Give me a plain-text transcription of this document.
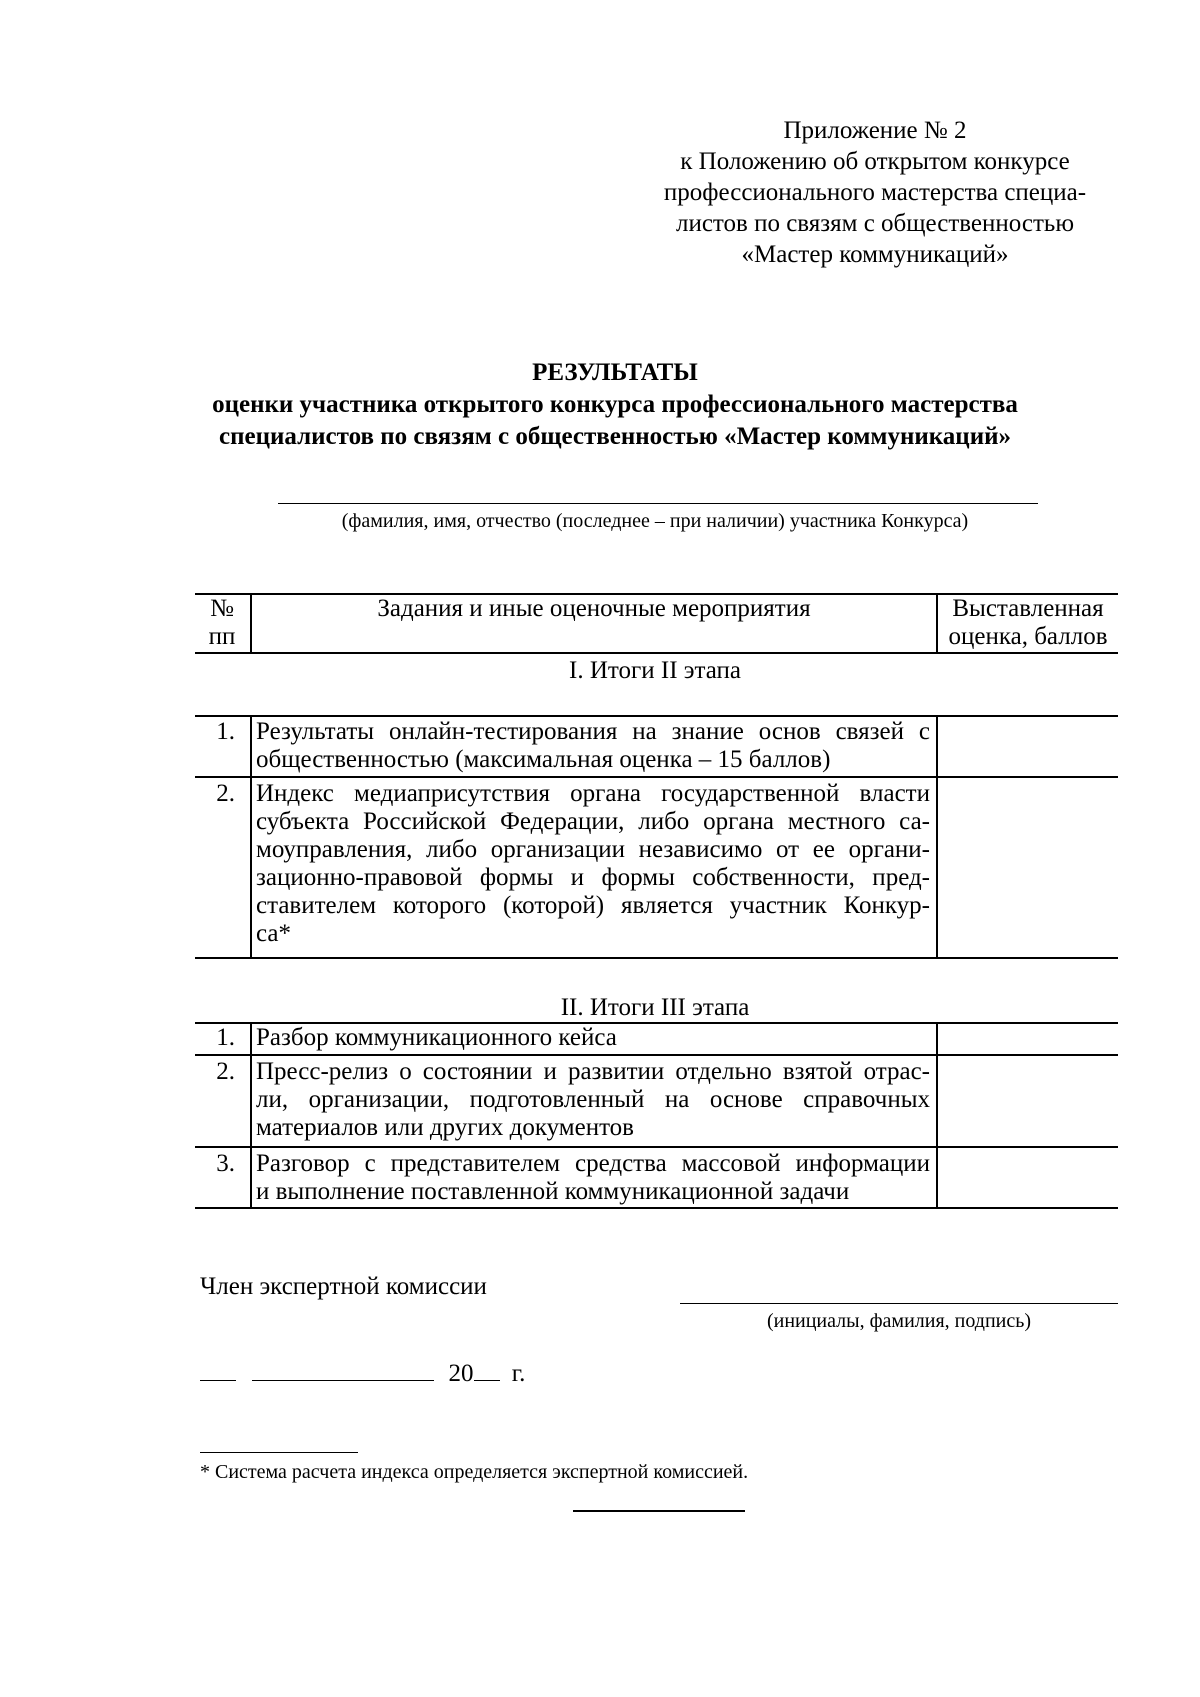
Приложение № 2
к Положению об открытом конкурсе
профессионального мастерства специа-
листов по связям с общественностью
«Мастер коммуникаций»
РЕЗУЛЬТАТЫ
оценки участника открытого конкурса профессионального мастерства
специалистов по связям с общественностью «Мастер коммуникаций»
(фамилия, имя, отчество (последнее – при наличии) участника Конкурса)
№
пп
Задания и иные оценочные мероприятия	Выставленная
оценка, баллов
I. Итоги II этапа
1. Результаты онлайн-тестирования на знание основ связей с
общественностью (максимальная оценка – 15 баллов)
2. Индекс медиаприсутствия органа государственной власти
субъекта Российской Федерации, либо органа местного са-
моуправления, либо организации независимо от ее органи-
зационно-правовой формы и формы собственности, пред-
ставителем которого (которой) является участник Конкур-
са*
II. Итоги III этапа
1. Разбор коммуникационного кейса
2. Пресс-релиз о состоянии и развитии отдельно взятой отрас-
ли, организации, подготовленный на основе справочных
материалов или других документов
3. Разговор с представителем средства массовой информации
и выполнение поставленной коммуникационной задачи
Член экспертной комиссии
(инициалы, фамилия, подпись)
20 г.
* Система расчета индекса определяется экспертной комиссией.
